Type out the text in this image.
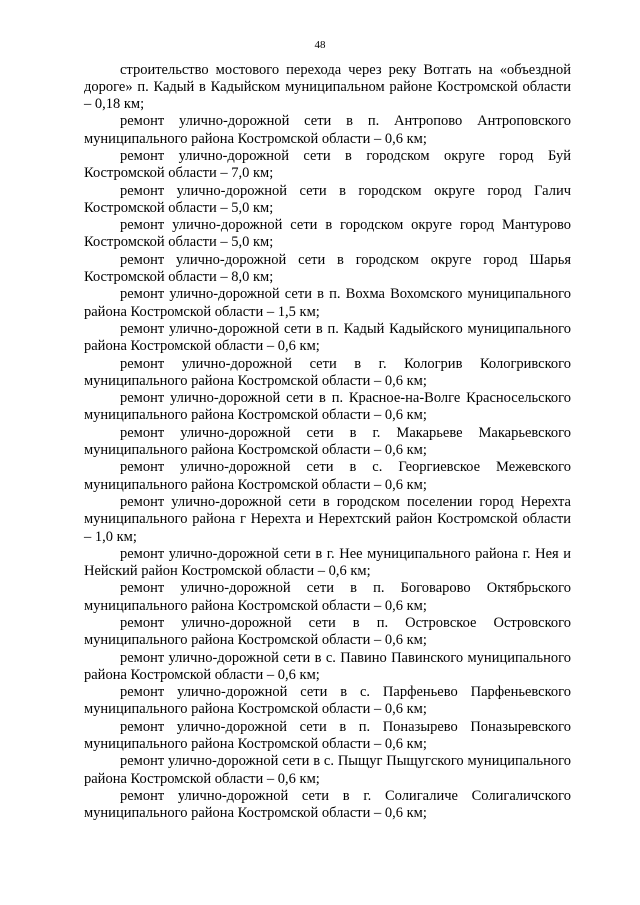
48

строительство мостового перехода через реку Вотгать на «объездной дороге» п. Кадый в Кадыйском муниципальном районе Костромской области – 0,18 км;

ремонт улично-дорожной сети в п. Антропово Антроповского муниципального района Костромской области – 0,6 км;

ремонт улично-дорожной сети в городском округе город Буй Костромской области – 7,0 км;

ремонт улично-дорожной сети в городском округе город Галич Костромской области – 5,0 км;

ремонт улично-дорожной сети в городском округе город Мантурово Костромской области – 5,0 км;

ремонт улично-дорожной сети в городском округе город Шарья Костромской области – 8,0 км;

ремонт улично-дорожной сети в п. Вохма Вохомского муниципального района Костромской области – 1,5 км;

ремонт улично-дорожной сети в п. Кадый Кадыйского муниципального района Костромской области – 0,6 км;

ремонт улично-дорожной сети в г. Кологрив Кологривского муниципального района Костромской области – 0,6 км;

ремонт улично-дорожной сети в п. Красное-на-Волге Красносельского муниципального района Костромской области – 0,6 км;

ремонт улично-дорожной сети в г. Макарьеве Макарьевского муниципального района Костромской области – 0,6 км;

ремонт улично-дорожной сети в с. Георгиевское Межевского муниципального района Костромской области – 0,6 км;

ремонт улично-дорожной сети в городском поселении город Нерехта муниципального района г Нерехта и Нерехтский район Костромской области – 1,0 км;

ремонт улично-дорожной сети в г. Нее муниципального района г. Нея и Нейский район Костромской области – 0,6 км;

ремонт улично-дорожной сети в п. Боговарово Октябрьского муниципального района Костромской области – 0,6 км;

ремонт улично-дорожной сети в п. Островское Островского муниципального района Костромской области – 0,6 км;

ремонт улично-дорожной сети в с. Павино Павинского муниципального района Костромской области – 0,6 км;

ремонт улично-дорожной сети в с. Парфеньево Парфеньевского муниципального района Костромской области – 0,6 км;

ремонт улично-дорожной сети в п. Поназырево Поназыревского муниципального района Костромской области – 0,6 км;

ремонт улично-дорожной сети в с. Пыщуг Пыщугского муниципального района Костромской области – 0,6 км;

ремонт улично-дорожной сети в г. Солигаличе Солигаличского муниципального района Костромской области – 0,6 км;
